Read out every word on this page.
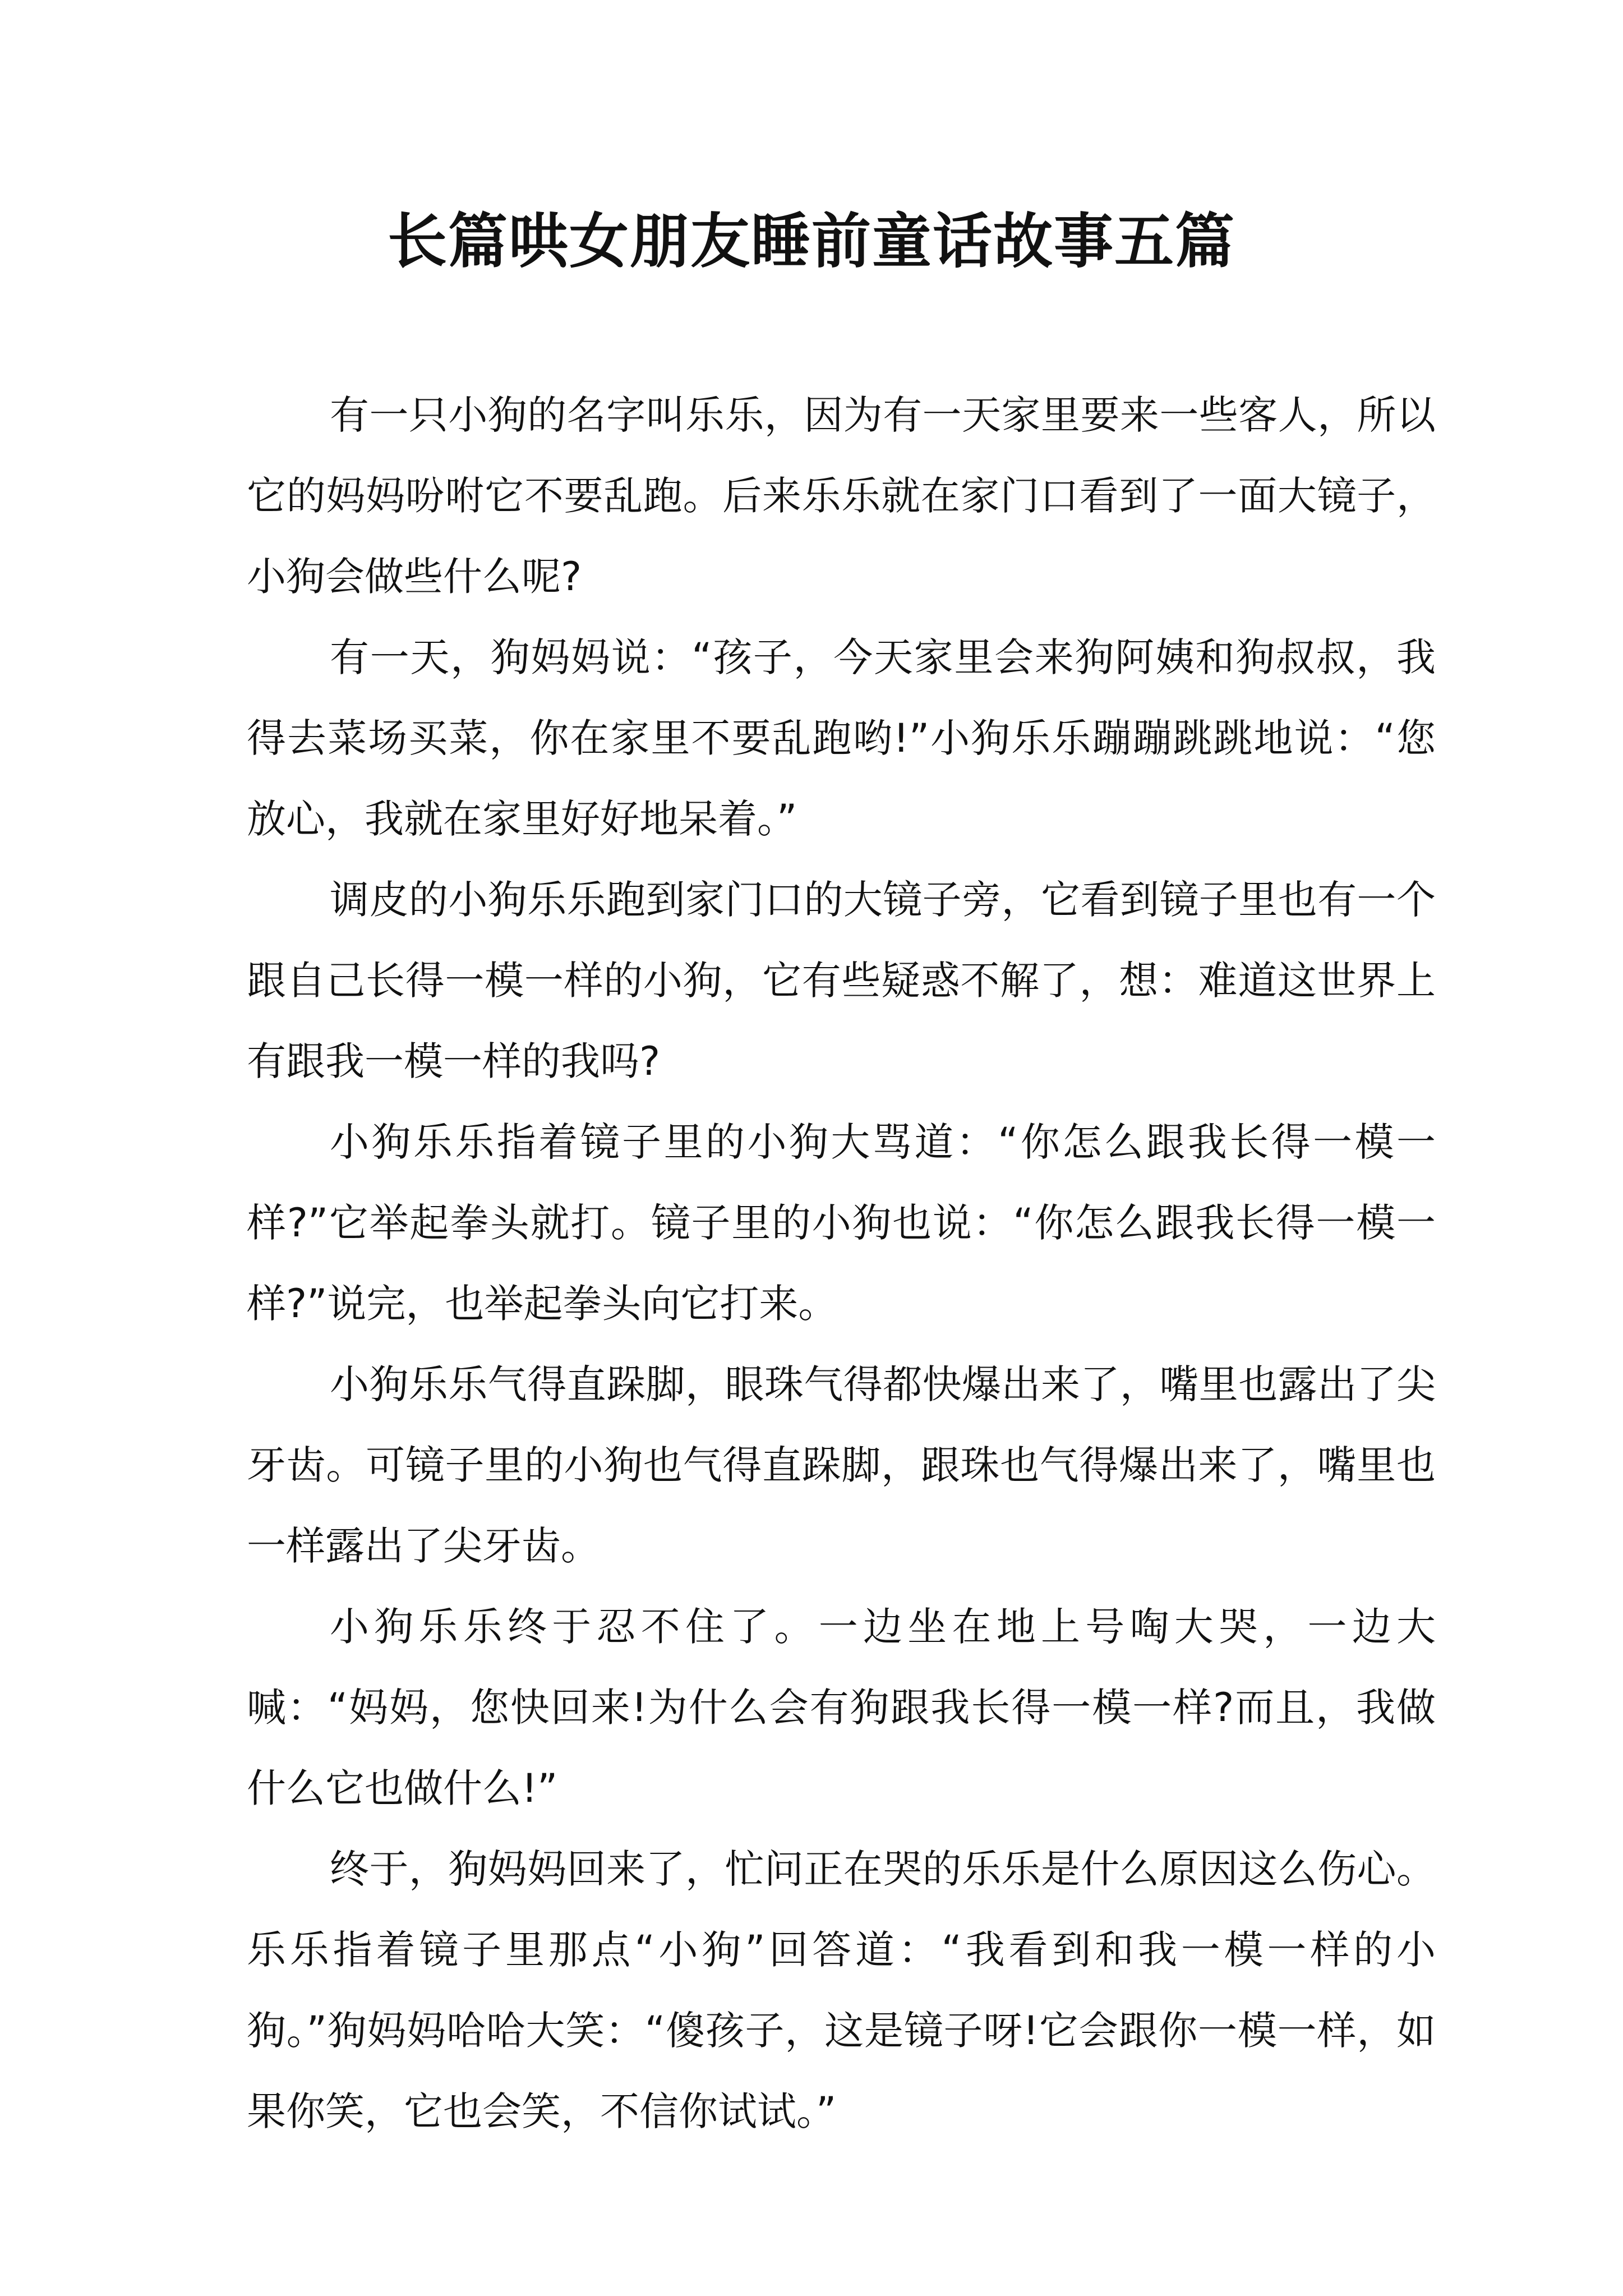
长篇哄女朋友睡前童话故事五篇

有一只小狗的名字叫乐乐，因为有一天家里要来一些客人，所以它的妈妈吩咐它不要乱跑。后来乐乐就在家门口看到了一面大镜子，小狗会做些什么呢?

有一天，狗妈妈说：“孩子，今天家里会来狗阿姨和狗叔叔，我得去菜场买菜，你在家里不要乱跑哟!”小狗乐乐蹦蹦跳跳地说：“您放心，我就在家里好好地呆着。”

调皮的小狗乐乐跑到家门口的大镜子旁，它看到镜子里也有一个跟自己长得一模一样的小狗，它有些疑惑不解了，想：难道这世界上有跟我一模一样的我吗?

小狗乐乐指着镜子里的小狗大骂道：“你怎么跟我长得一模一样?”它举起拳头就打。镜子里的小狗也说：“你怎么跟我长得一模一样?”说完，也举起拳头向它打来。

小狗乐乐气得直跺脚，眼珠气得都快爆出来了，嘴里也露出了尖牙齿。可镜子里的小狗也气得直跺脚，跟珠也气得爆出来了，嘴里也一样露出了尖牙齿。

小狗乐乐终于忍不住了。一边坐在地上号啕大哭，一边大喊：“妈妈，您快回来!为什么会有狗跟我长得一模一样?而且，我做什么它也做什么!”

终于，狗妈妈回来了，忙问正在哭的乐乐是什么原因这么伤心。乐乐指着镜子里那点“小狗”回答道：“我看到和我一模一样的小狗。”狗妈妈哈哈大笑：“傻孩子，这是镜子呀!它会跟你一模一样，如果你笑，它也会笑，不信你试试。”
